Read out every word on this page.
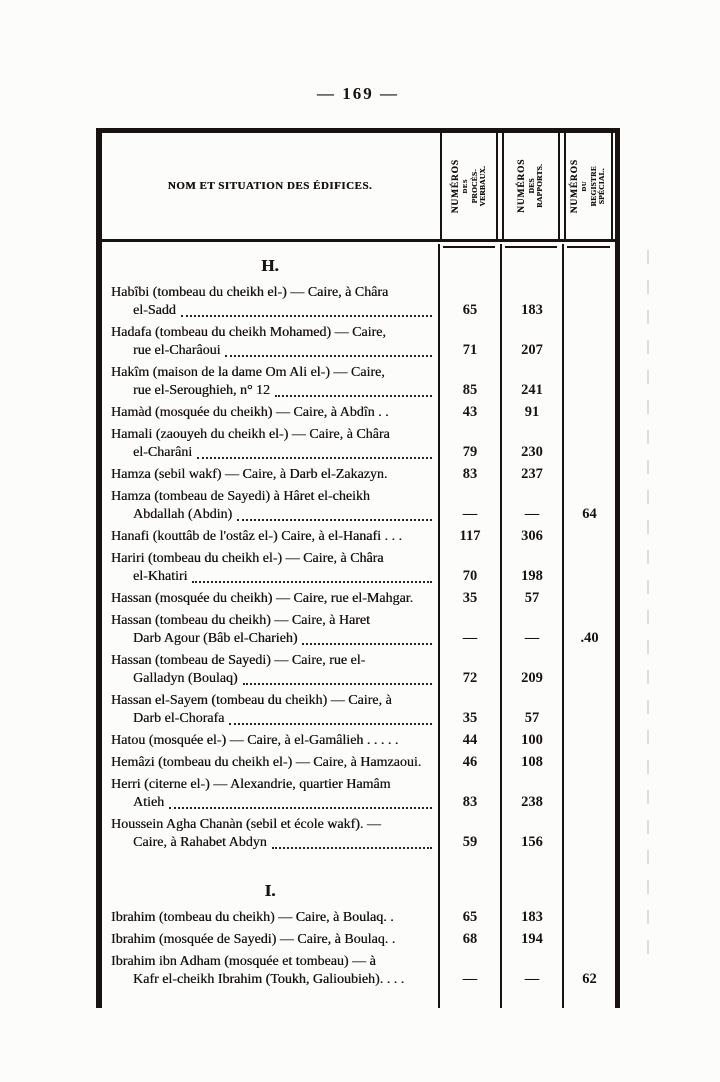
— 169 —
NOM ET SITUATION DES ÉDIFICES.	NUMÉROS DES PROCÈS-VERBAUX.	NUMÉROS DES RAPPORTS.	NUMÉROS DU REGISTRE SPÉCIAL.
H.
Habîbi (tombeau du cheikh el-) — Caire, à Châra
el-Sadd	65	183
Hadafa (tombeau du cheikh Mohamed) — Caire,
rue el-Charâoui	71	207
Hakîm (maison de la dame Om Ali el-) — Caire,
rue el-Seroughieh, n° 12	85	241
Hamàd (mosquée du cheikh) — Caire, à Abdîn . .	43	91
Hamali (zaouyeh du cheikh el-) — Caire, à Châra
el-Charâni	79	230
Hamza (sebil wakf) — Caire, à Darb el-Zakazyn.	83	237
Hamza (tombeau de Sayedi) à Hâret el-cheikh
Abdallah (Abdin)	—	—	64
Hanafi (kouttâb de l'ostâz el-) Caire, à el-Hanafi . . .	117	306
Hariri (tombeau du cheikh el-) — Caire, à Châra
el-Khatiri	70	198
Hassan (mosquée du cheikh) — Caire, rue el-Mahgar.	35	57
Hassan (tombeau du cheikh) — Caire, à Haret
Darb Agour (Bâb el-Charieh)	—	—	.40
Hassan (tombeau de Sayedi) — Caire, rue el-
Galladyn (Boulaq)	72	209
Hassan el-Sayem (tombeau du cheikh) — Caire, à
Darb el-Chorafa	35	57
Hatou (mosquée el-) — Caire, à el-Gamâlieh . . . . .	44	100
Hemâzi (tombeau du cheikh el-) — Caire, à Hamzaoui.	46	108
Herri (citerne el-) — Alexandrie, quartier Hamâm
Atieh	83	238
Houssein Agha Chanàn (sebil et école wakf). —
Caire, à Rahabet Abdyn	59	156
I.
Ibrahim (tombeau du cheikh) — Caire, à Boulaq. .	65	183
Ibrahim (mosquée de Sayedi) — Caire, à Boulaq. .	68	194
Ibrahim ibn Adham (mosquée et tombeau) — à
Kafr el-cheikh Ibrahim (Toukh, Galioubieh). . . .	—	—	62
